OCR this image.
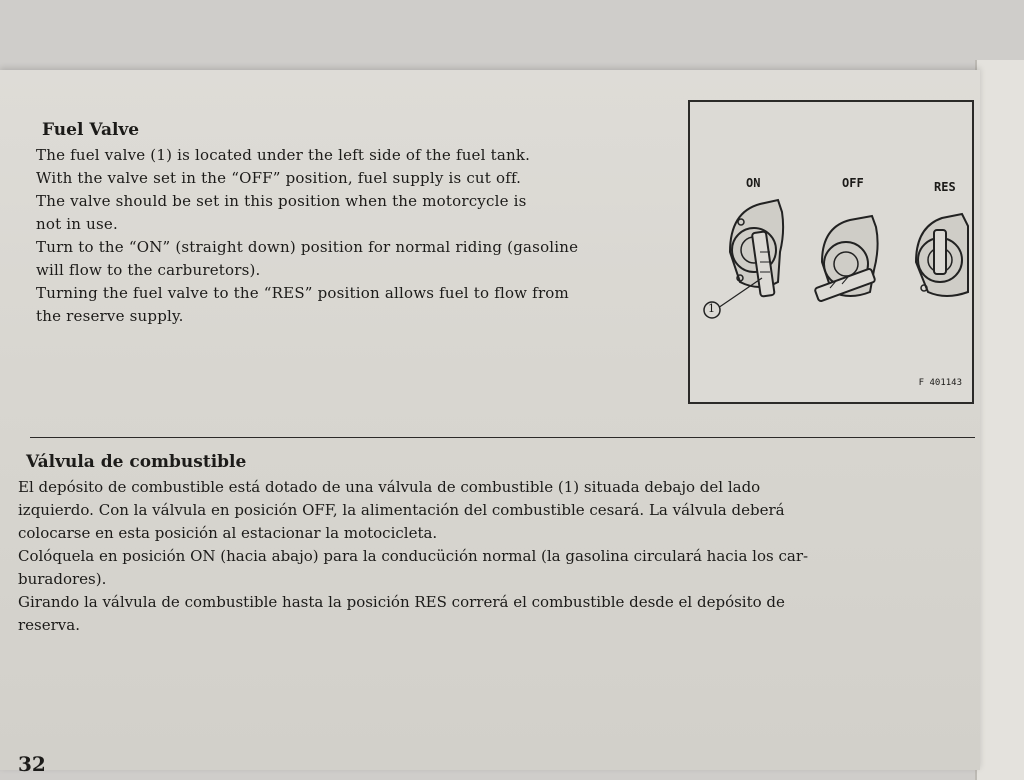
Fuel Valve

The fuel valve (1) is located under the left side of the fuel tank.

With the valve set in the “OFF” position, fuel supply is cut off.

The valve should be set in this position when the motorcycle is

not in use.

Turn to the “ON” (straight down) position for normal riding (gasoline

will flow to the carburetors).

Turning the fuel valve to the “RES” position allows fuel to flow from

the reserve supply.

ON	OFF	RES
1
F 401143
Válvula de combustible

El depósito de combustible está dotado de una válvula de combustible (1) situada debajo del lado

izquierdo. Con la válvula en posición OFF, la alimentación del combustible cesará. La válvula deberá

colocarse en esta posición al estacionar la motocicleta.

Colóquela en posición ON (hacia abajo) para la conducüción normal (la gasolina circulará hacia los car-

buradores).

Girando la válvula de combustible hasta la posición RES correrá el combustible desde el depósito de

reserva.

32
